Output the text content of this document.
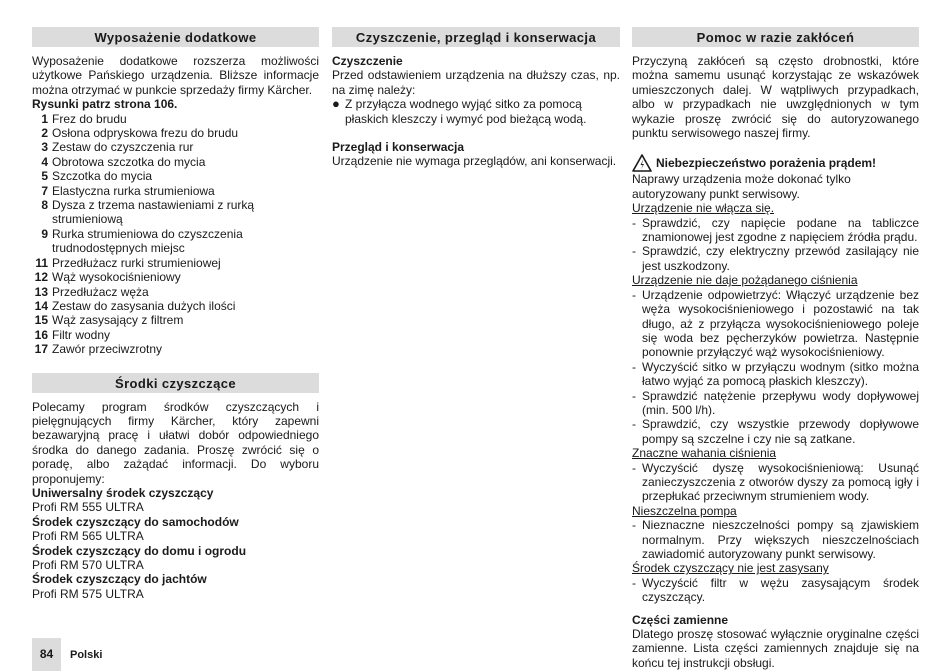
Wyposażenie dodatkowe

Wyposażenie dodatkowe rozszerza możliwości użytkowe Pańskiego urządzenia. Bliższe informacje można otrzymać w punkcie sprzedaży firmy Kärcher.

Rysunki patrz strona 106.

1 Frez do brudu
2 Osłona odpryskowa frezu do brudu
3 Zestaw do czyszczenia rur
4 Obrotowa szczotka do mycia
5 Szczotka do mycia
7 Elastyczna rurka strumieniowa
8 Dysza z trzema nastawieniami z rurką strumieniową
9 Rurka strumieniowa do czyszczenia trudnodostępnych miejsc
11 Przedłużacz rurki strumieniowej
12 Wąż wysokociśnieniowy
13 Przedłużacz węża
14 Zestaw do zasysania dużych ilości
15 Wąż zasysający z filtrem
16 Filtr wodny
17 Zawór przeciwzrotny
Środki czyszczące

Polecamy program środków czyszczących i pielęgnujących firmy Kärcher, który zapewni bezawaryjną pracę i ułatwi dobór odpowiedniego środka do danego zadania. Proszę zwrócić się o poradę, albo zażądać informacji. Do wyboru proponujemy:

Uniwersalny środek czyszczący

Profi RM 555 ULTRA

Środek czyszczący do samochodów

Profi RM 565 ULTRA

Środek czyszczący do domu i ogrodu

Profi RM 570 ULTRA

Środek czyszczący do jachtów

Profi RM 575 ULTRA

Czyszczenie, przegląd i konserwacja

Czyszczenie

Przed odstawieniem urządzenia na dłuższy czas, np. na zimę należy:

● Z przyłącza wodnego wyjąć sitko za pomocą płaskich kleszczy i wymyć pod bieżącą wodą.

Przegląd i konserwacja

Urządzenie nie wymaga przeglądów, ani konserwacji.

Pomoc w razie zakłóceń

Przyczyną zakłóceń są często drobnostki, które można samemu usunąć korzystając ze wskazówek umieszczonych dalej. W wątpliwych przypadkach, albo w przypadkach nie uwzględnionych w tym wykazie proszę zwrócić się do autoryzowanego punktu serwisowego naszej firmy.

Niebezpieczeństwo porażenia prądem!

Naprawy urządzenia może dokonać tylko autoryzowany punkt serwisowy.

Urządzenie nie włącza się.

- Sprawdzić, czy napięcie podane na tabliczce znamionowej jest zgodne z napięciem źródła prądu.
- Sprawdzić, czy elektryczny przewód zasilający nie jest uszkodzony.

Urządzenie nie daje pożądanego ciśnienia

- Urządzenie odpowietrzyć: Włączyć urządzenie bez węża wysokociśnieniowego i pozostawić na tak długo, aż z przyłącza wysokociśnieniowego poleje się woda bez pęcherzyków powietrza. Następnie ponownie przyłączyć wąż wysokociśnieniowy.
- Wyczyścić sitko w przyłączu wodnym (sitko można łatwo wyjąć za pomocą płaskich kleszczy).
- Sprawdzić natężenie przepływu wody dopływowej (min. 500 l/h).
- Sprawdzić, czy wszystkie przewody dopływowe pompy są szczelne i czy nie są zatkane.

Znaczne wahania ciśnienia

- Wyczyścić dyszę wysokociśnieniową: Usunąć zanieczyszczenia z otworów dyszy za pomocą igły i przepłukać przeciwnym strumieniem wody.

Nieszczelna pompa

- Nieznaczne nieszczelności pompy są zjawiskiem normalnym. Przy większych nieszczelnościach zawiadomić autoryzowany punkt serwisowy.

Środek czyszczący nie jest zasysany

- Wyczyścić filtr w wężu zasysającym środek czyszczący.

Części zamienne

Dlatego proszę stosować wyłącznie oryginalne części zamienne. Lista części zamiennych znajduje się na końcu tej instrukcji obsługi.

84	Polski
